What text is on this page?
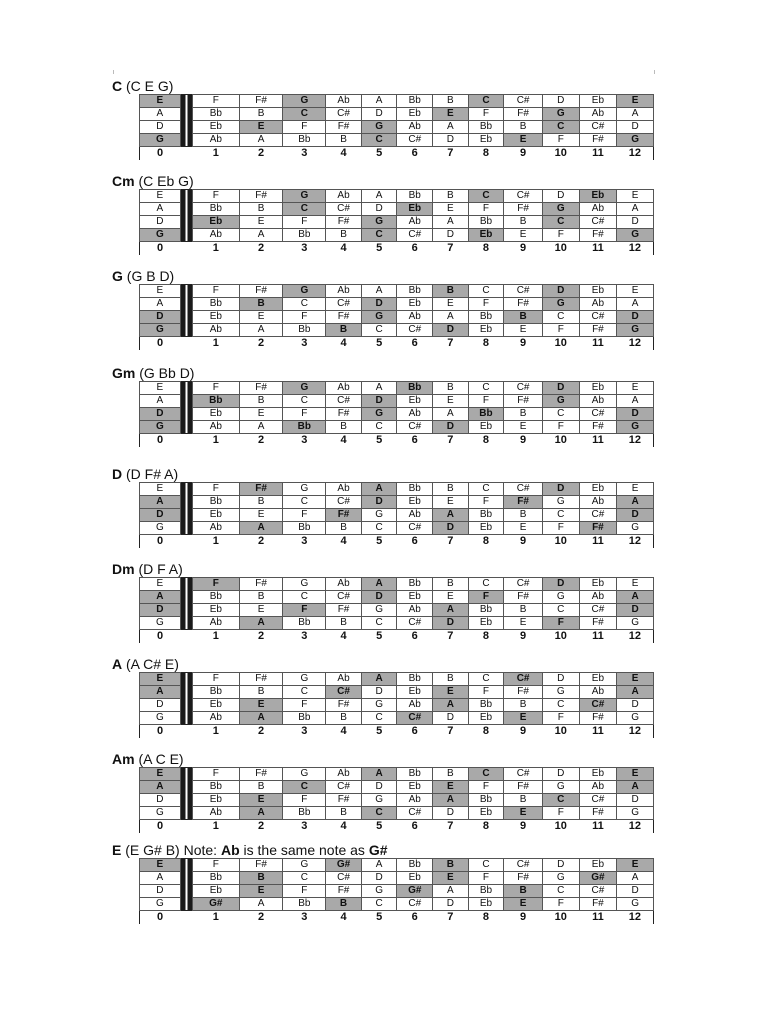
C (C E G)
E		F	F#	G	Ab	A	Bb	B	C	C#	D	Eb	E
A		Bb	B	C	C#	D	Eb	E	F	F#	G	Ab	A
D		Eb	E	F	F#	G	Ab	A	Bb	B	C	C#	D
G		Ab	A	Bb	B	C	C#	D	Eb	E	F	F#	G
0		1	2	3	4	5	6	7	8	9	10	11	12
Cm (C Eb G)
E		F	F#	G	Ab	A	Bb	B	C	C#	D	Eb	E
A		Bb	B	C	C#	D	Eb	E	F	F#	G	Ab	A
D		Eb	E	F	F#	G	Ab	A	Bb	B	C	C#	D
G		Ab	A	Bb	B	C	C#	D	Eb	E	F	F#	G
0		1	2	3	4	5	6	7	8	9	10	11	12
G (G B D)
E		F	F#	G	Ab	A	Bb	B	C	C#	D	Eb	E
A		Bb	B	C	C#	D	Eb	E	F	F#	G	Ab	A
D		Eb	E	F	F#	G	Ab	A	Bb	B	C	C#	D
G		Ab	A	Bb	B	C	C#	D	Eb	E	F	F#	G
0		1	2	3	4	5	6	7	8	9	10	11	12
Gm (G Bb D)
E		F	F#	G	Ab	A	Bb	B	C	C#	D	Eb	E
A		Bb	B	C	C#	D	Eb	E	F	F#	G	Ab	A
D		Eb	E	F	F#	G	Ab	A	Bb	B	C	C#	D
G		Ab	A	Bb	B	C	C#	D	Eb	E	F	F#	G
0		1	2	3	4	5	6	7	8	9	10	11	12
D (D F# A)
E		F	F#	G	Ab	A	Bb	B	C	C#	D	Eb	E
A		Bb	B	C	C#	D	Eb	E	F	F#	G	Ab	A
D		Eb	E	F	F#	G	Ab	A	Bb	B	C	C#	D
G		Ab	A	Bb	B	C	C#	D	Eb	E	F	F#	G
0		1	2	3	4	5	6	7	8	9	10	11	12
Dm (D F A)
E		F	F#	G	Ab	A	Bb	B	C	C#	D	Eb	E
A		Bb	B	C	C#	D	Eb	E	F	F#	G	Ab	A
D		Eb	E	F	F#	G	Ab	A	Bb	B	C	C#	D
G		Ab	A	Bb	B	C	C#	D	Eb	E	F	F#	G
0		1	2	3	4	5	6	7	8	9	10	11	12
A (A C# E)
E		F	F#	G	Ab	A	Bb	B	C	C#	D	Eb	E
A		Bb	B	C	C#	D	Eb	E	F	F#	G	Ab	A
D		Eb	E	F	F#	G	Ab	A	Bb	B	C	C#	D
G		Ab	A	Bb	B	C	C#	D	Eb	E	F	F#	G
0		1	2	3	4	5	6	7	8	9	10	11	12
Am (A C E)
E		F	F#	G	Ab	A	Bb	B	C	C#	D	Eb	E
A		Bb	B	C	C#	D	Eb	E	F	F#	G	Ab	A
D		Eb	E	F	F#	G	Ab	A	Bb	B	C	C#	D
G		Ab	A	Bb	B	C	C#	D	Eb	E	F	F#	G
0		1	2	3	4	5	6	7	8	9	10	11	12
E (E G# B) Note: Ab is the same note as G#
E		F	F#	G	G#	A	Bb	B	C	C#	D	Eb	E
A		Bb	B	C	C#	D	Eb	E	F	F#	G	G#	A
D		Eb	E	F	F#	G	G#	A	Bb	B	C	C#	D
G		G#	A	Bb	B	C	C#	D	Eb	E	F	F#	G
0		1	2	3	4	5	6	7	8	9	10	11	12
